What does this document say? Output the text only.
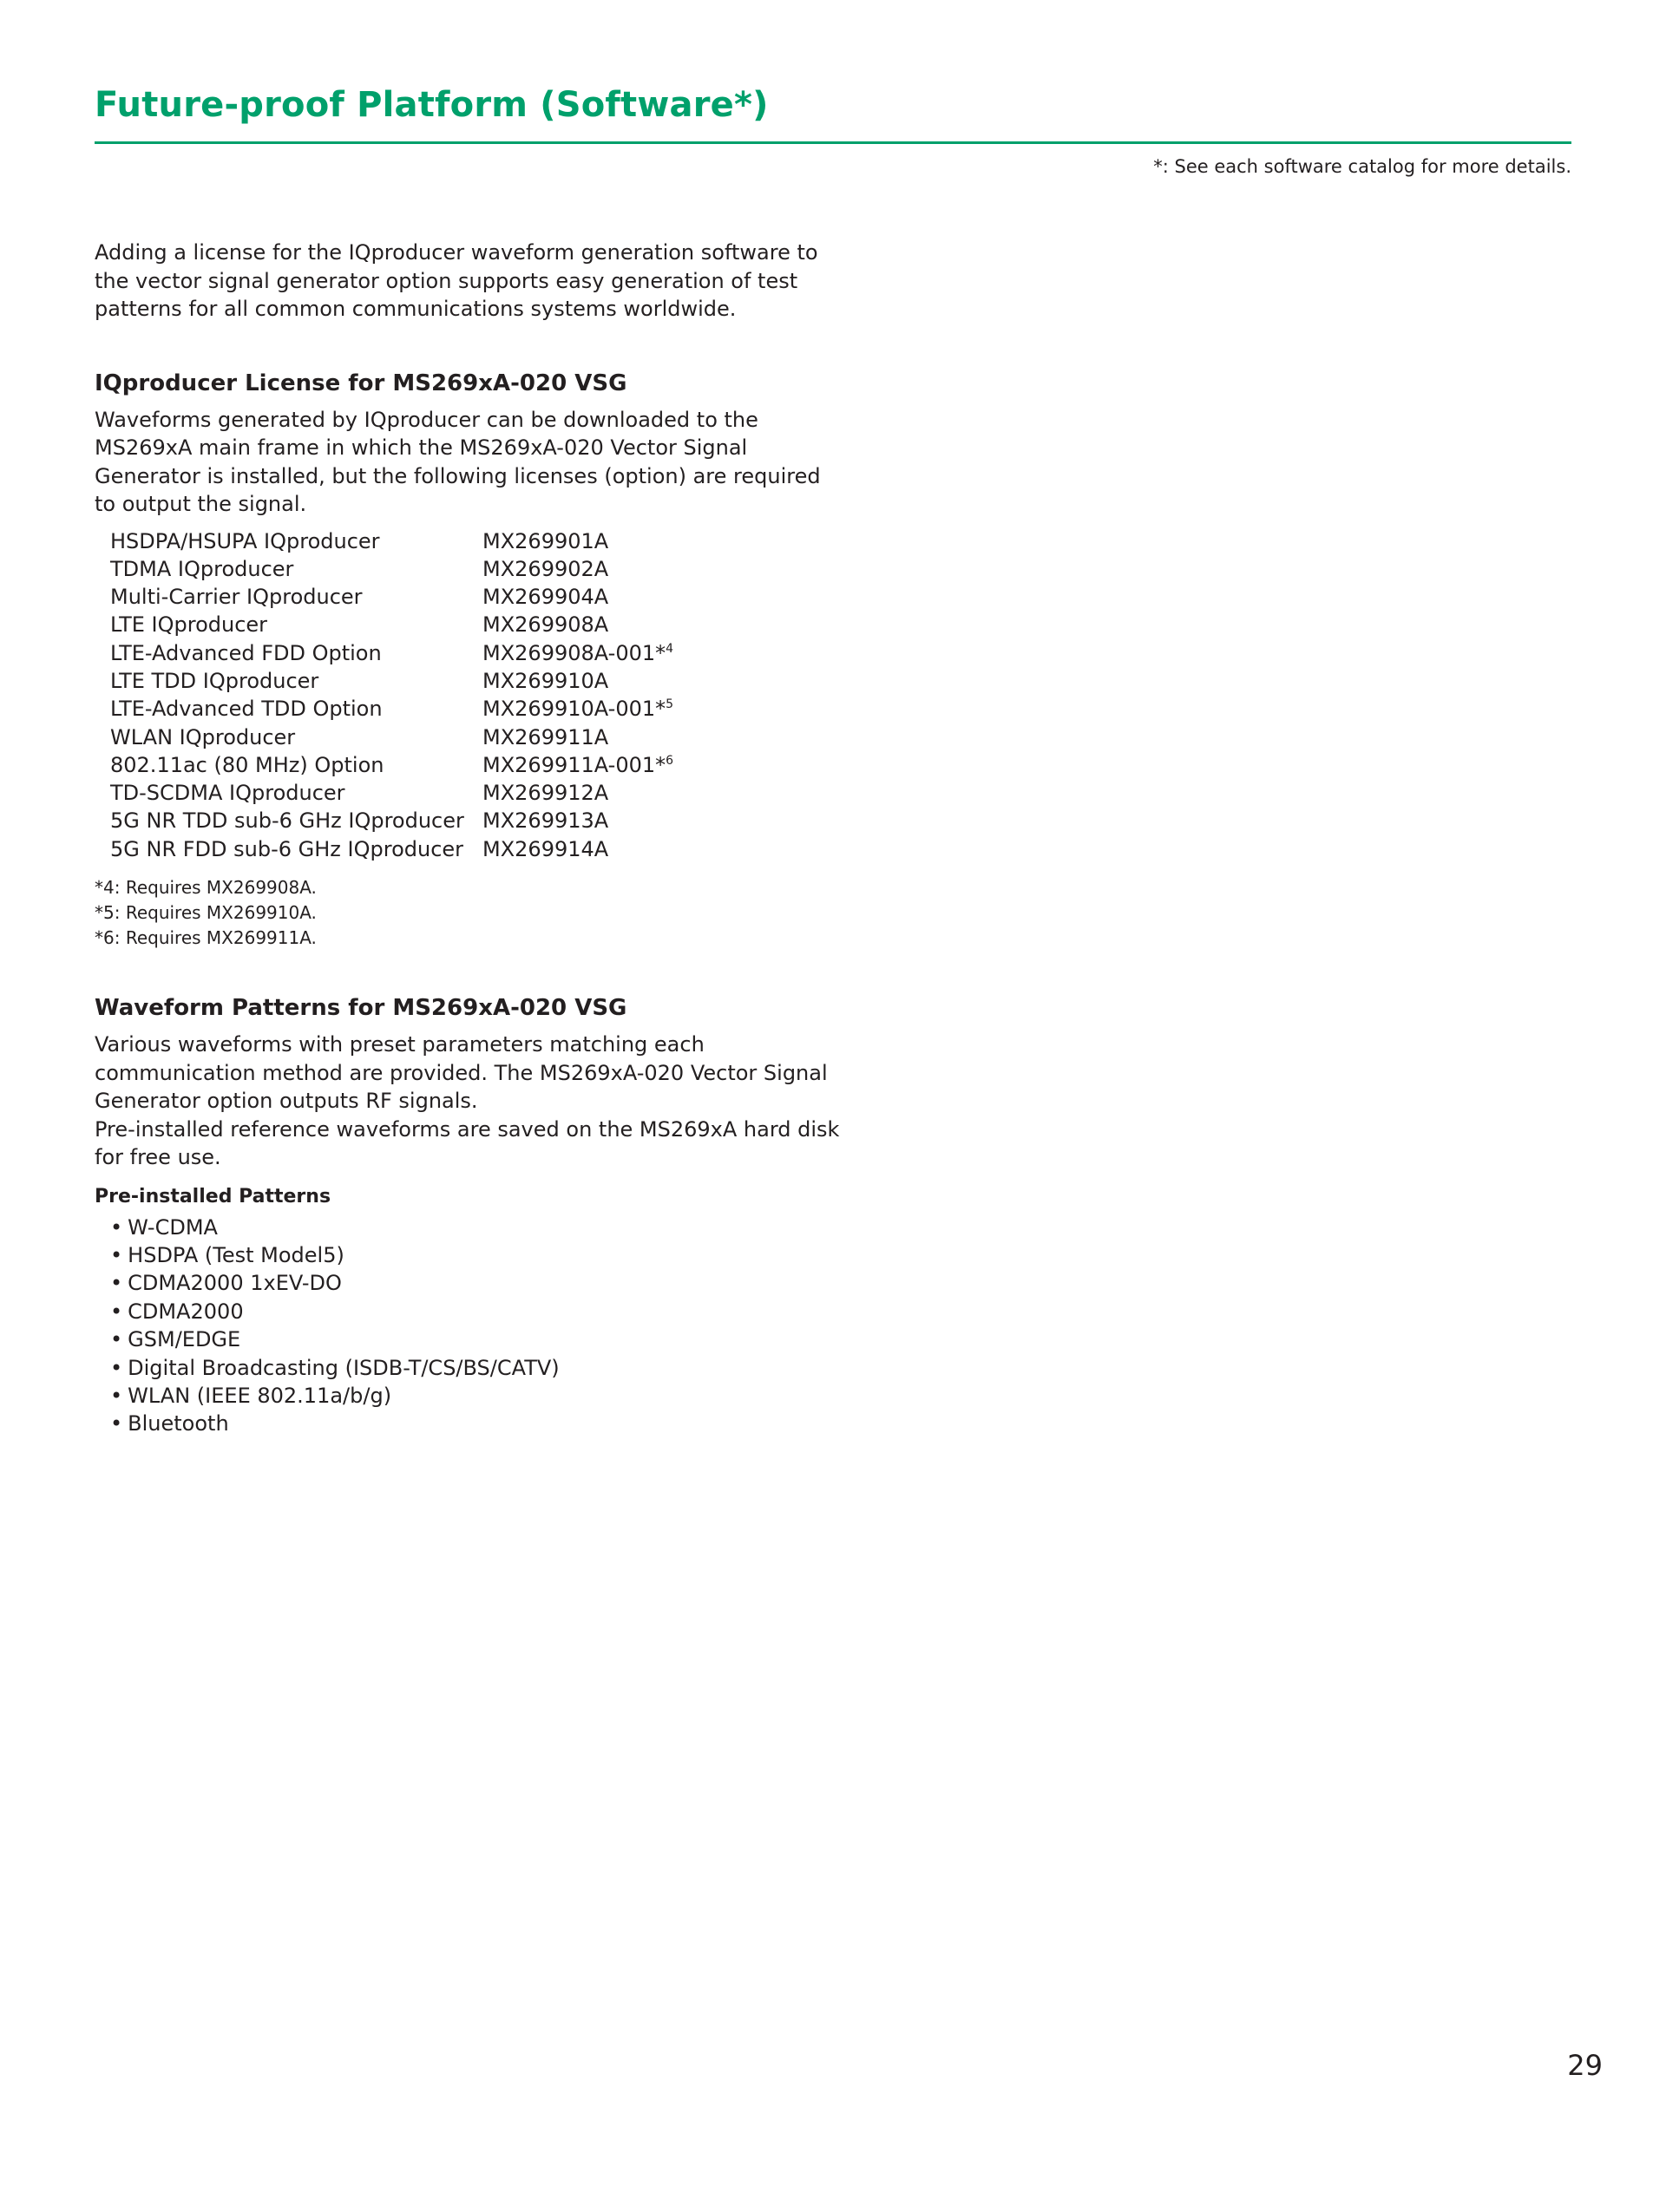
Future-proof Platform (Software*)

*: See each software catalog for more details.

Adding a license for the IQproducer waveform generation software to the vector signal generator option supports easy generation of test patterns for all common communications systems worldwide.

IQproducer License for MS269xA-020 VSG

Waveforms generated by IQproducer can be downloaded to the MS269xA main frame in which the MS269xA-020 Vector Signal Generator is installed, but the following licenses (option) are required to output the signal.

HSDPA/HSUPA IQproducer	MX269901A
TDMA IQproducer	MX269902A
Multi-Carrier IQproducer	MX269904A
LTE IQproducer	MX269908A
LTE-Advanced FDD Option	MX269908A-001*$^4$
LTE TDD IQproducer	MX269910A
LTE-Advanced TDD Option	MX269910A-001*$^5$
WLAN IQproducer	MX269911A
802.11ac (80 MHz) Option	MX269911A-001*$^6$
TD-SCDMA IQproducer	MX269912A
5G NR TDD sub-6 GHz IQproducer	MX269913A
5G NR FDD sub-6 GHz IQproducer	MX269914A

*4: Requires MX269908A.

*5: Requires MX269910A.

*6: Requires MX269911A.

Waveform Patterns for MS269xA-020 VSG

Various waveforms with preset parameters matching each communication method are provided. The MS269xA-020 Vector Signal Generator option outputs RF signals.

Pre-installed reference waveforms are saved on the MS269xA hard disk for free use.

Pre-installed Patterns
• W-CDMA
• HSDPA (Test Model5)
• CDMA2000 1xEV-DO
• CDMA2000
• GSM/EDGE
• Digital Broadcasting (ISDB-T/CS/BS/CATV)
• WLAN (IEEE 802.11a/b/g)
• Bluetooth

29
